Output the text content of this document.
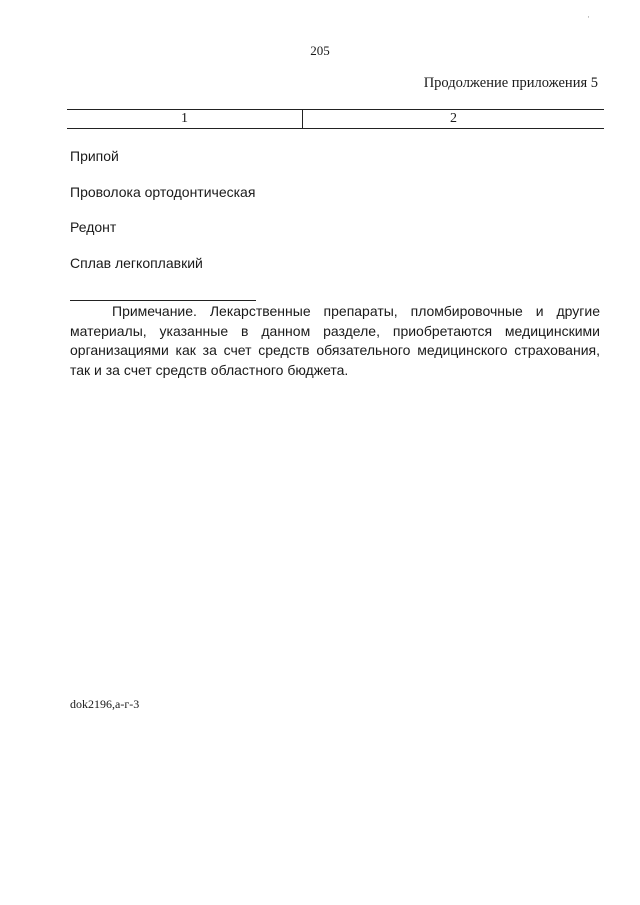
·
205
Продолжение приложения 5
1	2
Припой
Проволока ортодонтическая
Редонт
Сплав легкоплавкий
Примечание. Лекарственные препараты, пломбировочные и другие материалы, указанные в данном разделе, приобретаются медицинскими организациями как за счет средств обязательного медицинского страхования, так и за счет средств областного бюджета.
dok2196,а-г-3
